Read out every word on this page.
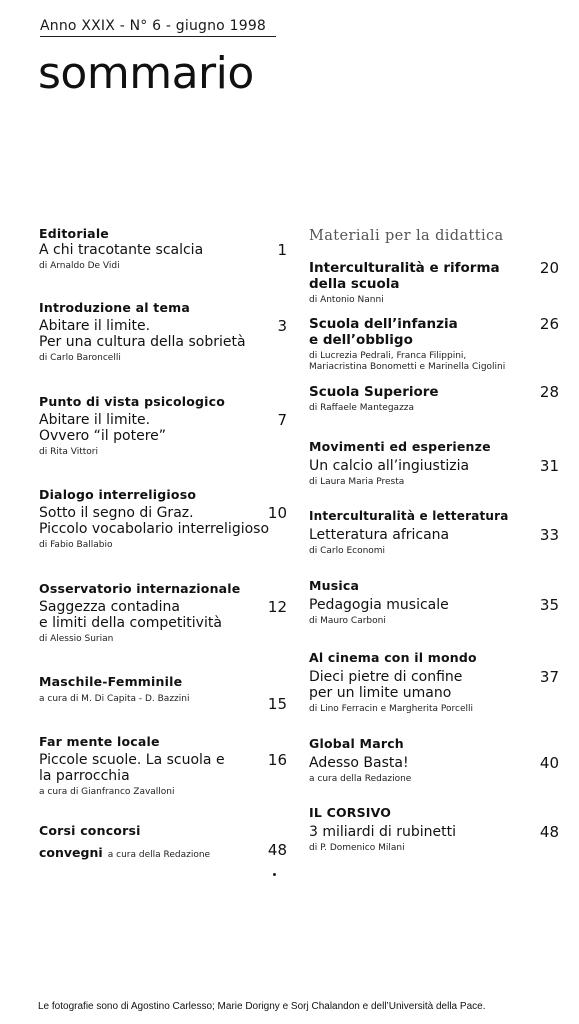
Anno XXIX - N° 6 - giugno 1998
sommario
Editoriale
A chi tracotante scalcia	1
di Arnaldo De Vidi
Introduzione al tema
Abitare il limite.
Per una cultura della sobrietà
3
di Carlo Baroncelli
Punto di vista psicologico
Abitare il limite.
Ovvero “il potere”
7
di Rita Vittori
Dialogo interreligioso
Sotto il segno di Graz.
Piccolo vocabolario interreligioso
10
di Fabio Ballabio
Osservatorio internazionale
Saggezza contadina
e limiti della competitività
12
di Alessio Surian
Maschile-Femminile
a cura di M. Di Capita - D. Bazzini	15
Far mente locale
Piccole scuole. La scuola e
la parrocchia
16
a cura di Gianfranco Zavalloni
Corsi concorsi
convegni a cura della Redazione	48
Materiali per la didattica
Interculturalità e riforma
della scuola
20
di Antonio Nanni
Scuola dell’infanzia
e dell’obbligo
26
di Lucrezia Pedrali, Franca Filippini,
Mariacristina Bonometti e Marinella Cigolini
Scuola Superiore	28
di Raffaele Mantegazza
Movimenti ed esperienze
Un calcio all’ingiustizia	31
di Laura Maria Presta
Interculturalità e letteratura
Letteratura africana	33
di Carlo Economi
Musica
Pedagogia musicale	35
di Mauro Carboni
Al cinema con il mondo
Dieci pietre di confine
per un limite umano
37
di Lino Ferracin e Margherita Porcelli
Global March
Adesso Basta!	40
a cura della Redazione
IL CORSIVO
3 miliardi di rubinetti	48
di P. Domenico Milani
Le fotografie sono di Agostino Carlesso; Marie Dorigny e Sorj Chalandon e dell’Università della Pace.
